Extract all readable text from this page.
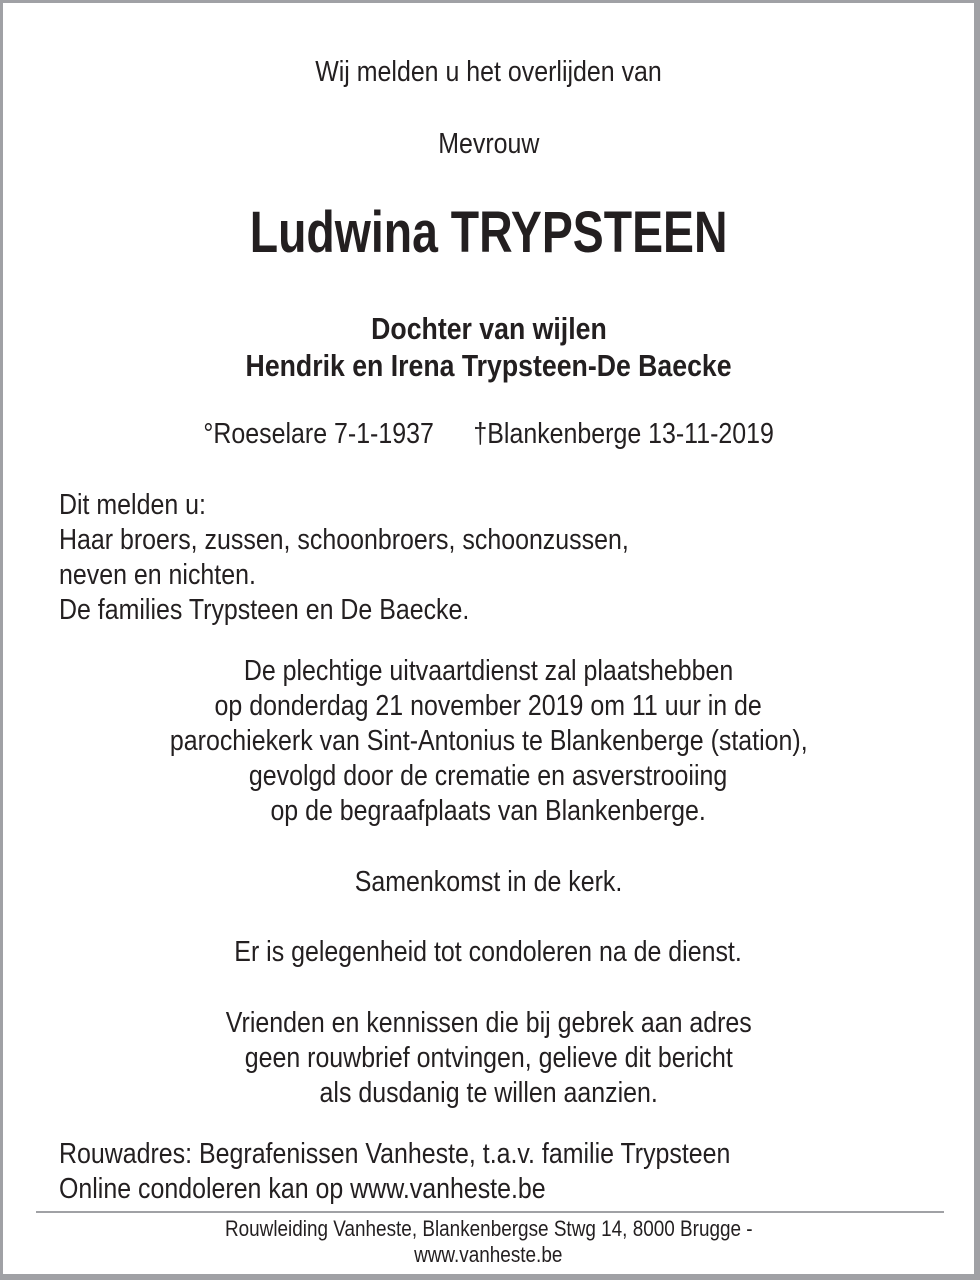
Wij melden u het overlijden van
Mevrouw
Ludwina TRYPSTEEN
Dochter van wijlen
Hendrik en Irena Trypsteen-De Baecke
°Roeselare 7-1-1937 †Blankenberge 13-11-2019
Dit melden u:
Haar broers, zussen, schoonbroers, schoonzussen,
neven en nichten.
De families Trypsteen en De Baecke.
De plechtige uitvaartdienst zal plaatshebben
op donderdag 21 november 2019 om 11 uur in de
parochiekerk van Sint-Antonius te Blankenberge (station),
gevolgd door de crematie en asverstrooiing
op de begraafplaats van Blankenberge.
Samenkomst in de kerk.
Er is gelegenheid tot condoleren na de dienst.
Vrienden en kennissen die bij gebrek aan adres
geen rouwbrief ontvingen, gelieve dit bericht
als dusdanig te willen aanzien.
Rouwadres: Begrafenissen Vanheste, t.a.v. familie Trypsteen
Online condoleren kan op www.vanheste.be
Rouwleiding Vanheste, Blankenbergse Stwg 14, 8000 Brugge -
www.vanheste.be
